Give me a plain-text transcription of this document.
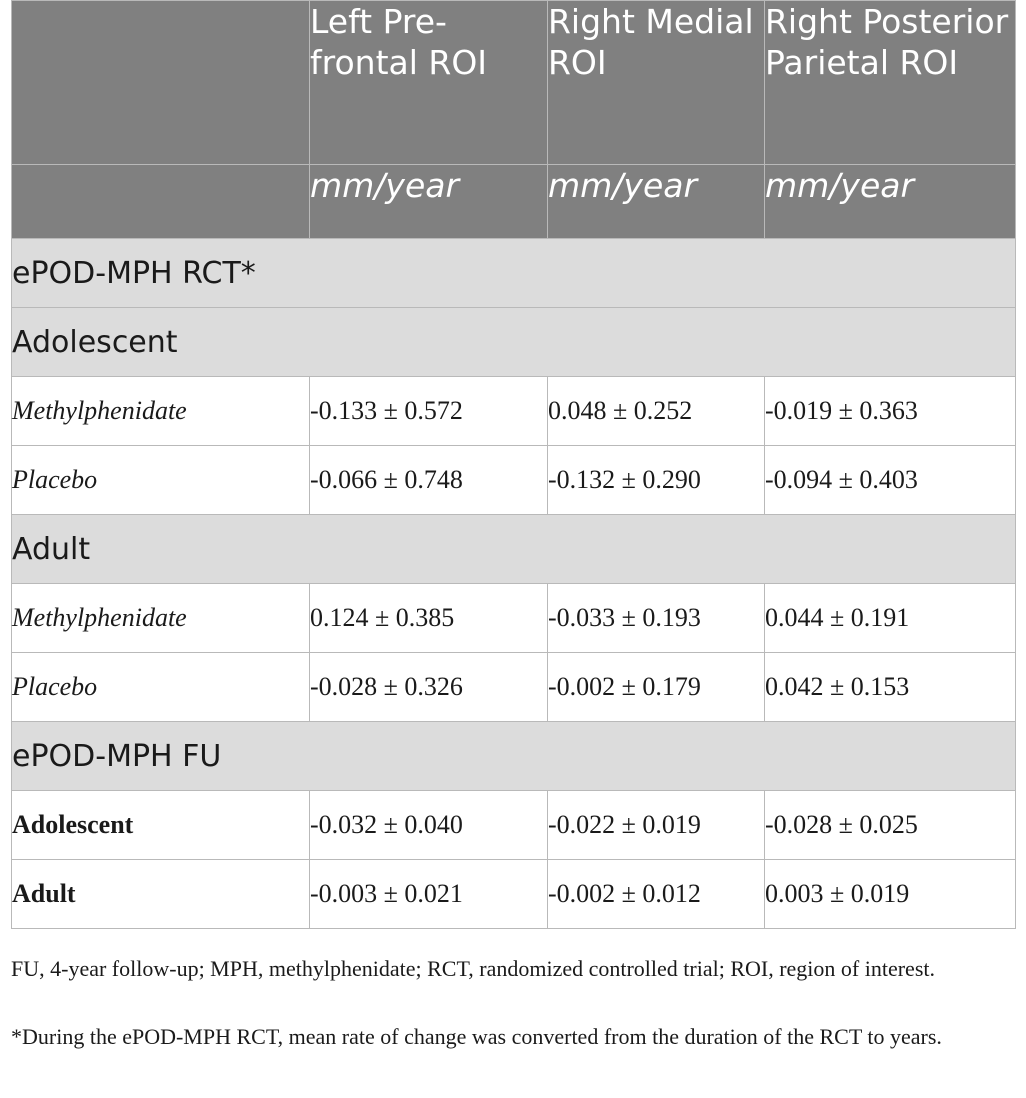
	Left Pre-frontal ROI	Right Medial ROI	Right Posterior Parietal ROI
	mm/year	mm/year	mm/year
ePOD-MPH RCT*			
Adolescent			
Methylphenidate	-0.133 ± 0.572	0.048 ± 0.252	-0.019 ± 0.363
Placebo	-0.066 ± 0.748	-0.132 ± 0.290	-0.094 ± 0.403
Adult			
Methylphenidate	0.124 ± 0.385	-0.033 ± 0.193	0.044 ± 0.191
Placebo	-0.028 ± 0.326	-0.002 ± 0.179	0.042 ± 0.153
ePOD-MPH FU			
Adolescent	-0.032 ± 0.040	-0.022 ± 0.019	-0.028 ± 0.025
Adult	-0.003 ± 0.021	-0.002 ± 0.012	0.003 ± 0.019

FU, 4-year follow-up; MPH, methylphenidate; RCT, randomized controlled trial; ROI, region of interest.

*During the ePOD-MPH RCT, mean rate of change was converted from the duration of the RCT to years.
